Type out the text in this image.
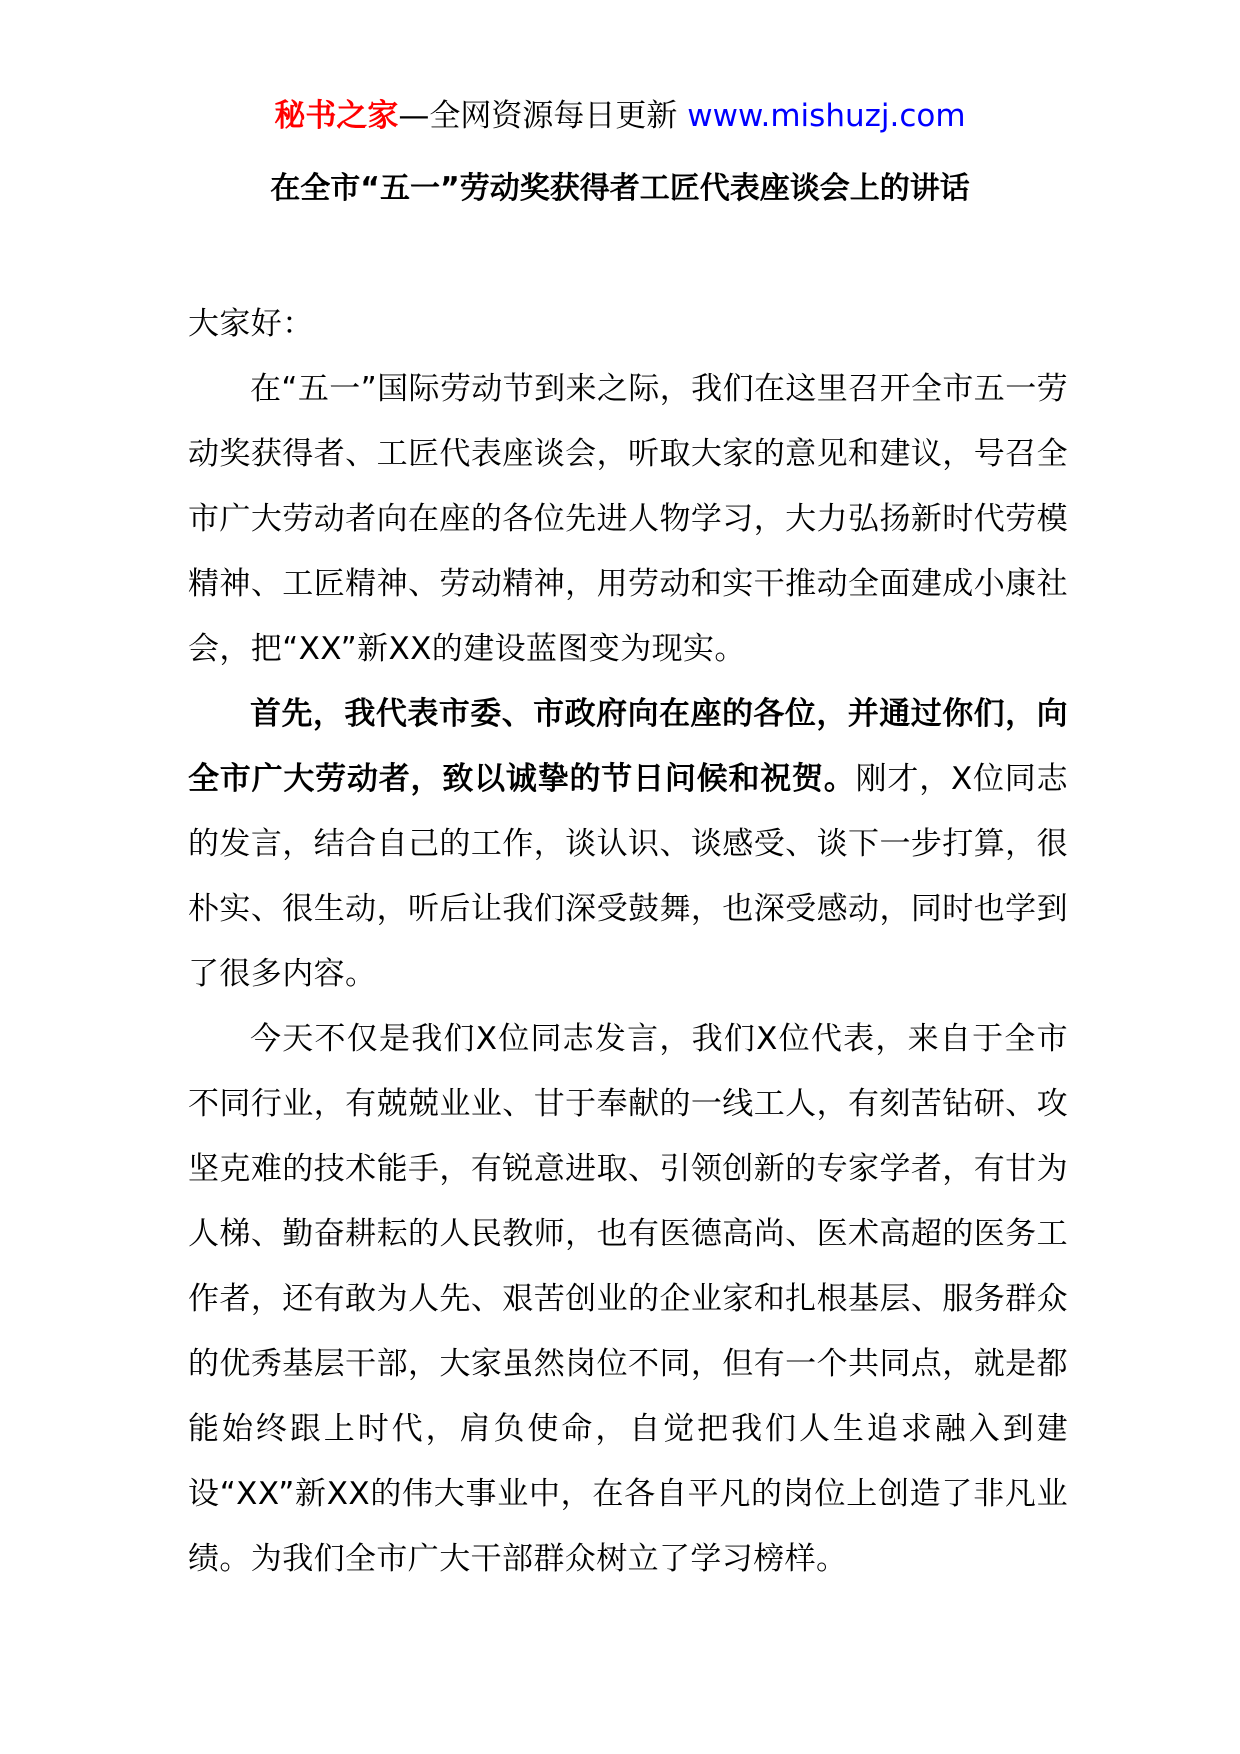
秘书之家—全网资源每日更新 www.mishuzj.com
在全市“五一”劳动奖获得者工匠代表座谈会上的讲话

大家好：

在“五一”国际劳动节到来之际，我们在这里召开全市五一劳动奖获得者、工匠代表座谈会，听取大家的意见和建议，号召全市广大劳动者向在座的各位先进人物学习，大力弘扬新时代劳模精神、工匠精神、劳动精神，用劳动和实干推动全面建成小康社会，把“XX”新XX的建设蓝图变为现实。

首先，我代表市委、市政府向在座的各位，并通过你们，向全市广大劳动者，致以诚挚的节日问候和祝贺。刚才，X位同志的发言，结合自己的工作，谈认识、谈感受、谈下一步打算，很朴实、很生动，听后让我们深受鼓舞，也深受感动，同时也学到了很多内容。

今天不仅是我们X位同志发言，我们X位代表，来自于全市不同行业，有兢兢业业、甘于奉献的一线工人，有刻苦钻研、攻坚克难的技术能手，有锐意进取、引领创新的专家学者，有甘为人梯、勤奋耕耘的人民教师，也有医德高尚、医术高超的医务工作者，还有敢为人先、艰苦创业的企业家和扎根基层、服务群众的优秀基层干部，大家虽然岗位不同，但有一个共同点，就是都能始终跟上时代，肩负使命，自觉把我们人生追求融入到建设“XX”新XX的伟大事业中，在各自平凡的岗位上创造了非凡业绩。为我们全市广大干部群众树立了学习榜样。
